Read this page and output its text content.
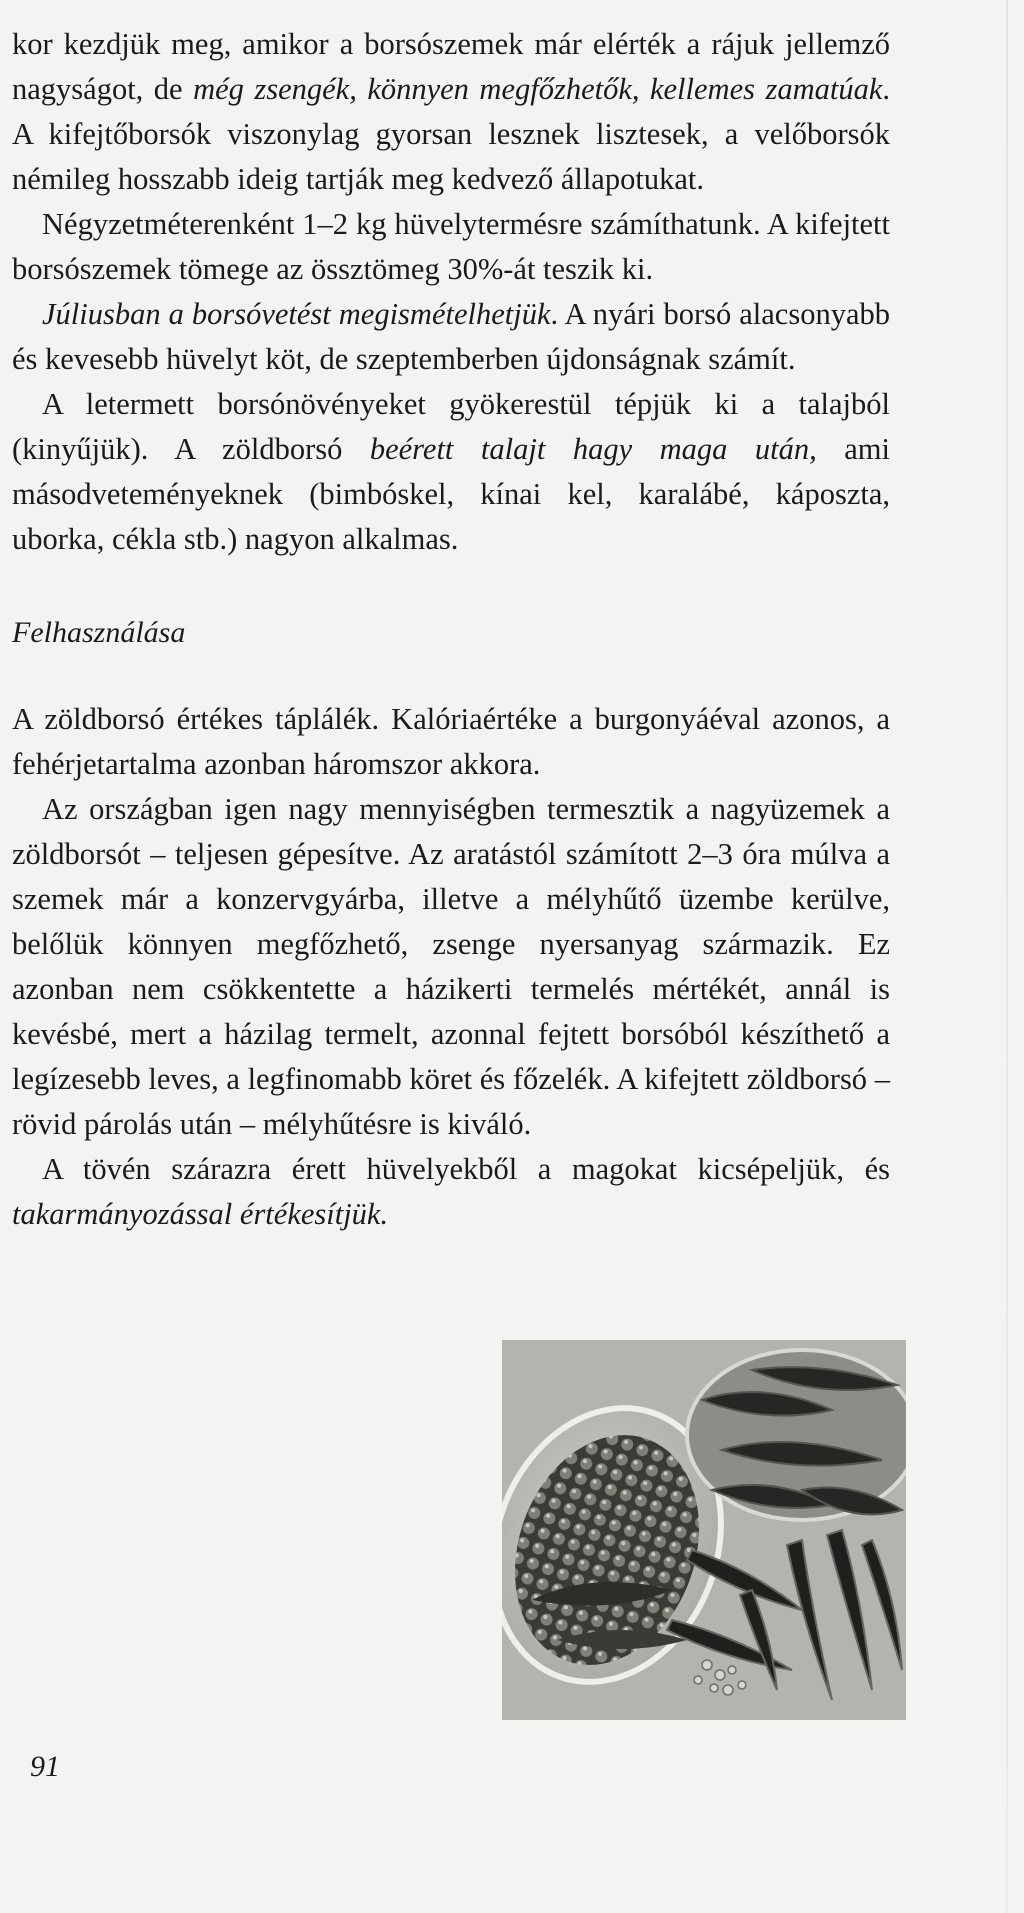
kor kezdjük meg, amikor a borsószemek már elérték a rájuk jellemző nagyságot, de még zsengék, könnyen megfőzhetők, kellemes zamatúak. A kifejtőborsók viszonylag gyorsan lesznek lisztesek, a velőborsók némileg hosszabb ideig tartják meg kedvező állapotukat.

Négyzetméterenként 1–2 kg hüvelytermésre számíthatunk. A kifejtett borsószemek tömege az össztömeg 30%-át teszik ki.

Júliusban a borsóvetést megismételhetjük. A nyári borsó alacsonyabb és kevesebb hüvelyt köt, de szeptemberben újdonságnak számít.

A letermett borsónövényeket gyökerestül tépjük ki a talajból (kinyűjük). A zöldborsó beérett talajt hagy maga után, ami másodveteményeknek (bimbóskel, kínai kel, karalábé, káposzta, uborka, cékla stb.) nagyon alkalmas.

Felhasználása

A zöldborsó értékes táplálék. Kalóriaértéke a burgonyáéval azonos, a fehérjetartalma azonban háromszor akkora.

Az országban igen nagy mennyiségben termesztik a nagyüzemek a zöldborsót – teljesen gépesítve. Az aratástól számított 2–3 óra múlva a szemek már a konzervgyárba, illetve a mélyhűtő üzembe kerülve, belőlük könnyen megfőzhető, zsenge nyersanyag származik. Ez azonban nem csökkentette a házikerti termelés mértékét, annál is kevésbé, mert a házilag termelt, azonnal fejtett borsóból készíthető a legízesebb leves, a legfinomabb köret és főzelék. A kifejtett zöldborsó – rövid párolás után – mélyhűtésre is kiváló.

A tövén szárazra érett hüvelyekből a magokat kicsépeljük, és takarmányozással értékesítjük.

91
